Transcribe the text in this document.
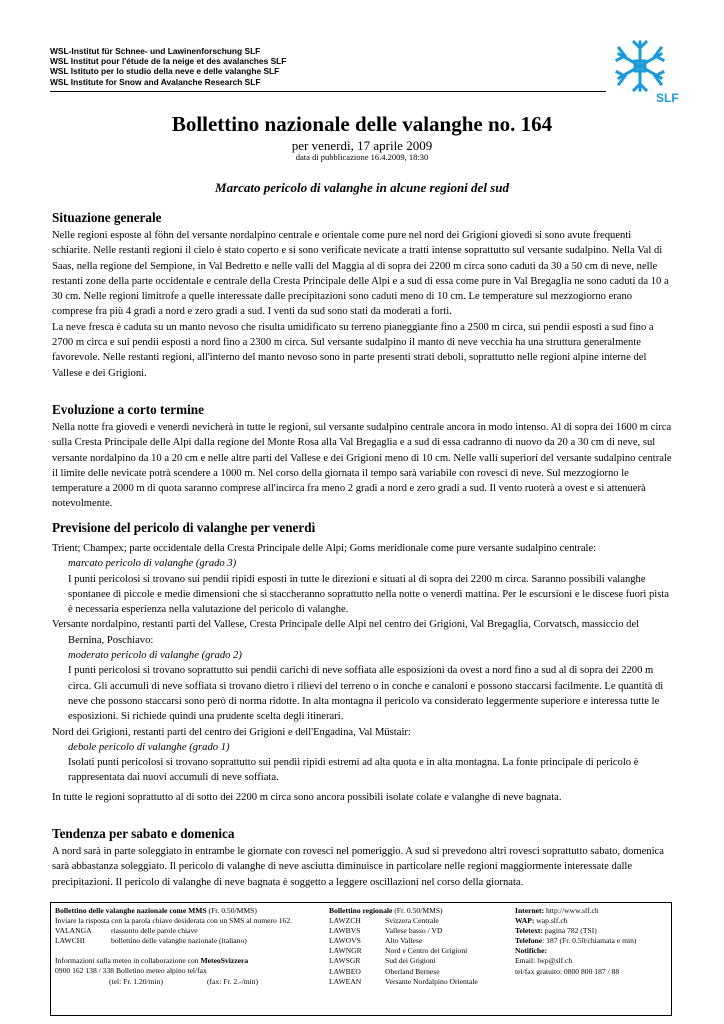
WSL-Institut für Schnee- und Lawinenforschung SLF
WSL Institut pour l'étude de la neige et des avalanches SLF
WSL Istituto per lo studio della neve e delle valanghe SLF
WSL Institute for Snow and Avalanche Research SLF
SLF
Bollettino nazionale delle valanghe no. 164
per venerdì, 17 aprile 2009
data di pubblicazione 16.4.2009, 18:30
Marcato pericolo di valanghe in alcune regioni del sud
Situazione generale

Nelle regioni esposte al föhn del versante nordalpino centrale e orientale come pure nel nord dei Grigioni giovedì si sono avute frequenti schiarite. Nelle restanti regioni il cielo è stato coperto e si sono verificate nevicate a tratti intense soprattutto sul versante sudalpino. Nella Val di Saas, nella regione del Sempione, in Val Bedretto e nelle valli del Maggia al di sopra dei 2200 m circa sono caduti da 30 a 50 cm di neve, nelle restanti zone della parte occidentale e centrale della Cresta Principale delle Alpi e a sud di essa come pure in Val Bregaglia ne sono caduti da 10 a 30 cm. Nelle regioni limitrofe a quelle interessate dalle precipitazioni sono caduti meno di 10 cm. Le temperature sul mezzogiorno erano comprese fra più 4 gradi a nord e zero gradi a sud. I venti da sud sono stati da moderati a forti.

La neve fresca è caduta su un manto nevoso che risulta umidificato su terreno pianeggiante fino a 2500 m circa, sui pendii esposti a sud fino a 2700 m circa e sui pendii esposti a nord fino a 2300 m circa. Sul versante sudalpino il manto di neve vecchia ha una struttura generalmente favorevole. Nelle restanti regioni, all'interno del manto nevoso sono in parte presenti strati deboli, soprattutto nelle regioni alpine interne del Vallese e dei Grigioni.

Evoluzione a corto termine

Nella notte fra giovedì e venerdì nevicherà in tutte le regioni, sul versante sudalpino centrale ancora in modo intenso. Al di sopra dei 1600 m circa sulla Cresta Principale delle Alpi dalla regione del Monte Rosa alla Val Bregaglia e a sud di essa cadranno di nuovo da 20 a 30 cm di neve, sul versante nordalpino da 10 a 20 cm e nelle altre parti del Vallese e dei Grigioni meno di 10 cm. Nelle valli superiori del versante sudalpino centrale il limite delle nevicate potrà scendere a 1000 m. Nel corso della giornata il tempo sarà variabile con rovesci di neve. Sul mezzogiorno le temperature a 2000 m di quota saranno comprese all'incirca fra meno 2 gradi a nord e zero gradi a sud. Il vento ruoterà a ovest e si attenuerà notevolmente.

Previsione del pericolo di valanghe per venerdì

Trient; Champex; parte occidentale della Cresta Principale delle Alpi; Goms meridionale come pure versante sudalpino centrale:

marcato pericolo di valanghe (grado 3)

I punti pericolosi si trovano sui pendii ripidi esposti in tutte le direzioni e situati al di sopra dei 2200 m circa. Saranno possibili valanghe spontanee di piccole e medie dimensioni che si staccheranno soprattutto nella notte o venerdì mattina. Per le escursioni e le discese fuori pista è necessaria esperienza nella valutazione del pericolo di valanghe.

Versante nordalpino, restanti parti del Vallese, Cresta Principale delle Alpi nel centro dei Grigioni, Val Bregaglia, Corvatsch, massiccio del Bernina, Poschiavo:

moderato pericolo di valanghe (grado 2)

I punti pericolosi si trovano soprattutto sui pendii carichi di neve soffiata alle esposizioni da ovest a nord fino a sud al di sopra dei 2200 m circa. Gli accumuli di neve soffiata si trovano dietro i rilievi del terreno o in conche e canaloni e possono staccarsi facilmente. Le quantità di neve che possono staccarsi sono però di norma ridotte. In alta montagna il pericolo va considerato leggermente superiore e interessa tutte le esposizioni. Si richiede quindi una prudente scelta degli itinerari.

Nord dei Grigioni, restanti parti del centro dei Grigioni e dell'Engadina, Val Müstair:

debole pericolo di valanghe (grado 1)

Isolati punti pericolosi si trovano soprattutto sui pendii ripidi estremi ad alta quota e in alta montagna. La fonte principale di pericolo è rappresentata dai nuovi accumuli di neve soffiata.

In tutte le regioni soprattutto al di sotto dei 2200 m circa sono ancora possibili isolate colate e valanghe di neve bagnata.

Tendenza per sabato e domenica

A nord sarà in parte soleggiato in entrambe le giornate con rovesci nel pomeriggio. A sud si prevedono altri rovesci soprattutto sabato, domenica sarà abbastanza soleggiato. Il pericolo di valanghe di neve asciutta diminuisce in particolare nelle regioni maggiormente interessate dalle precipitazioni. Il pericolo di valanghe di neve bagnata è soggetto a leggere oscillazioni nel corso della giornata.

Bollettino delle valanghe nazionale come MMS (Fr. 0.50/MMS)
Inviare la risposta con la parola chiave desiderata con un SMS al numero 162.
VALANGA	riassunto delle parole chiave
LAWCHI	bollettino delle valanghe nazionale (italiano)
Informazioni sulla meteo in collaborazione con MeteoSvizzera
0900 162 138 / 338 Bolletino meteo alpino tel/fax
(tel: Fr. 1.20/min)	(fax: Fr. 2.-/min)
Bollettino regionale (Fr. 0.50/MMS)
LAWZCH	Svizzera Centrale
LAWBVS	Vallese basso / VD
LAWOVS	Alto Vallese
LAWNGR	Nord e Centro dei Grigioni
LAWSGR	Sud dei Grigioni
LAWBEO	Oberland Bernese
LAWEAN	Versante Nordalpino Orientale
Internet: http://www.slf.ch
WAP: wap.slf.ch
Teletext: pagina 782 (TSI)
Telefone: 187 (Fr. 0.50/chiamata e min)
Notifiche:
Email: lwp@slf.ch
tel/fax gratuito: 0800 800 187 / 88
